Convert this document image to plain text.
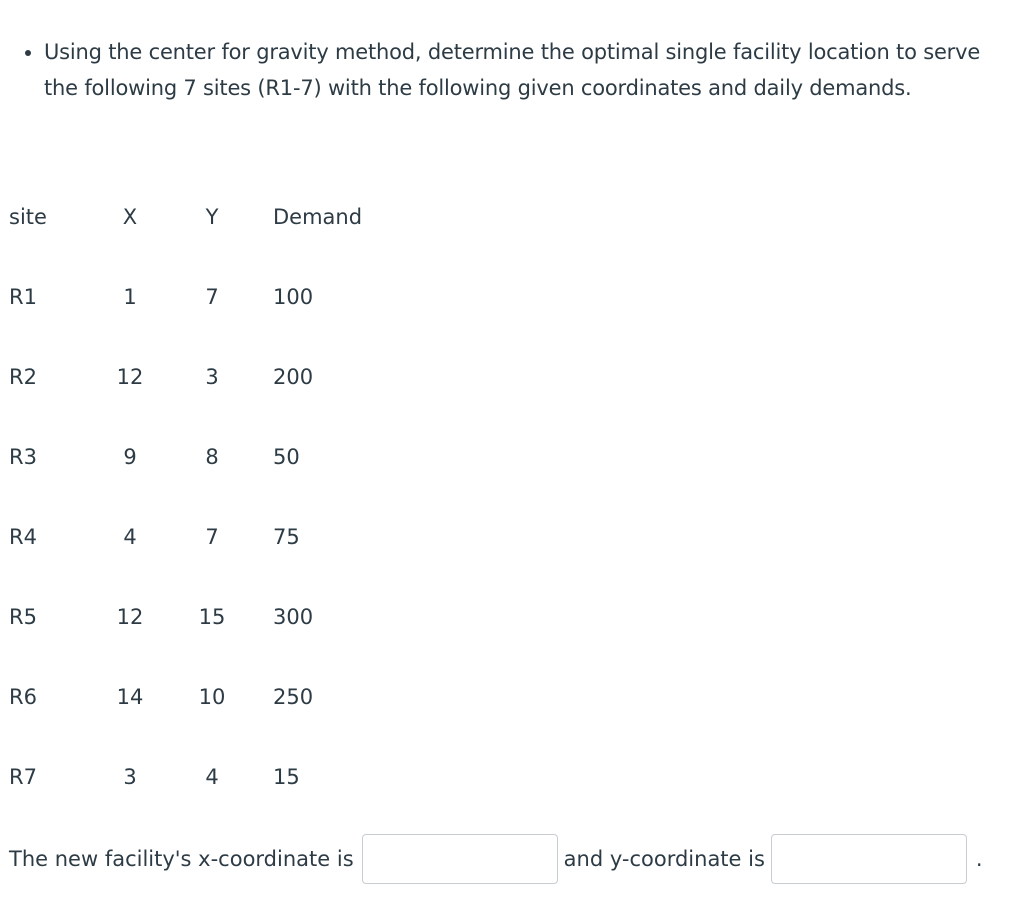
• Using the center for gravity method, determine the optimal single facility location to serve the following 7 sites (R1-7) with the following given coordinates and daily demands.
site	X		Y		Demand
R1	1		7		100
R2	12		3		200
R3	9		8		50
R4	4		7		75
R5	12		15		300
R6	14		10		250
R7	3		4		15
The new facility's x-coordinate is	and y-coordinate is	.
